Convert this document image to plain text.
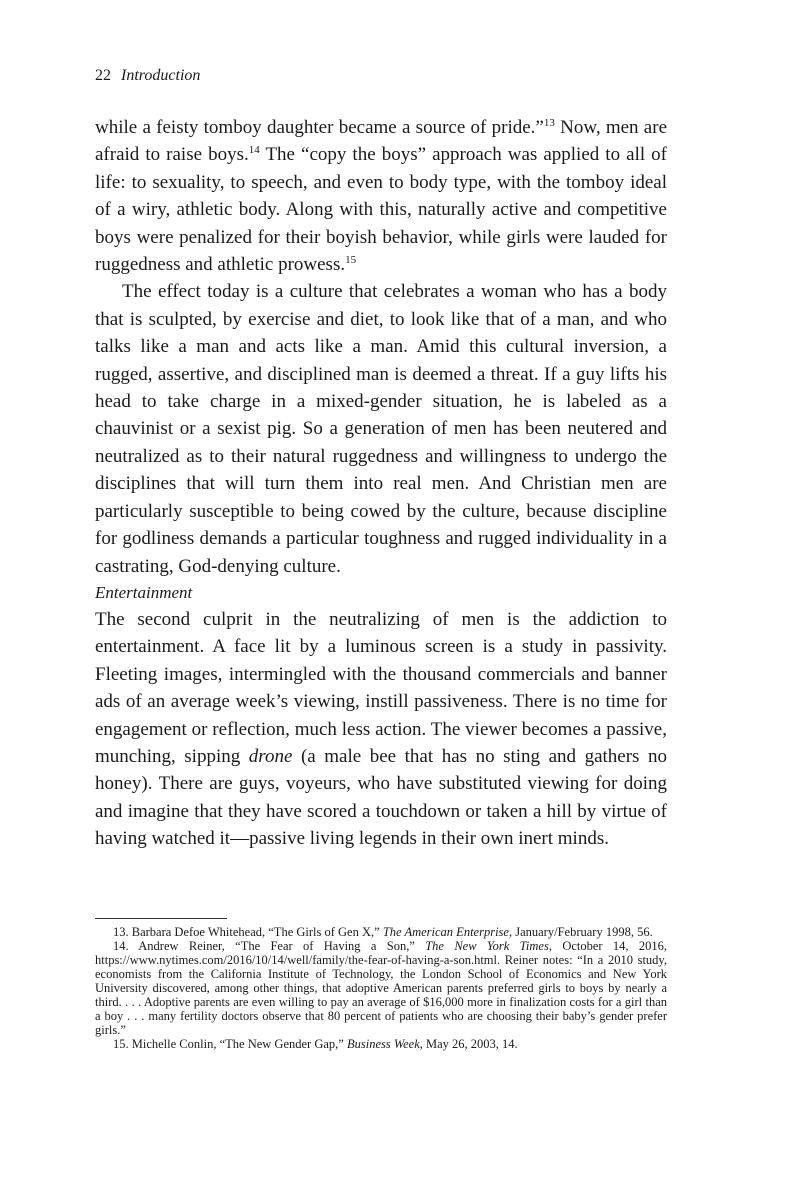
22 Introduction

while a feisty tomboy daughter became a source of pride.”$^{13}$ Now, men are afraid to raise boys.$^{14}$ The “copy the boys” approach was applied to all of life: to sexuality, to speech, and even to body type, with the tomboy ideal of a wiry, athletic body. Along with this, naturally active and competitive boys were penalized for their boyish behavior, while girls were lauded for ruggedness and athletic prowess.$^{15}$

The effect today is a culture that celebrates a woman who has a body that is sculpted, by exercise and diet, to look like that of a man, and who talks like a man and acts like a man. Amid this cultural inversion, a rugged, assertive, and disciplined man is deemed a threat. If a guy lifts his head to take charge in a mixed-gender situation, he is labeled as a chauvinist or a sexist pig. So a generation of men has been neutered and neutralized as to their natural ruggedness and willingness to undergo the disciplines that will turn them into real men. And Christian men are particularly susceptible to being cowed by the culture, because discipline for godliness demands a particular toughness and rugged individuality in a castrating, God-denying culture.

Entertainment

The second culprit in the neutralizing of men is the addiction to entertainment. A face lit by a luminous screen is a study in passivity. Fleeting images, intermingled with the thousand commercials and banner ads of an average week’s viewing, instill passiveness. There is no time for engagement or reflection, much less action. The viewer becomes a passive, munching, sipping drone (a male bee that has no sting and gathers no honey). There are guys, voyeurs, who have substituted viewing for doing and imagine that they have scored a touchdown or taken a hill by virtue of having watched it—passive living legends in their own inert minds.

13. Barbara Defoe Whitehead, “The Girls of Gen X,” The American Enterprise, January/February 1998, 56.

14. Andrew Reiner, “The Fear of Having a Son,” The New York Times, October 14, 2016, https://www.nytimes.com/2016/10/14/well/family/the-fear-of-having-a-son.html. Reiner notes: “In a 2010 study, economists from the California Institute of Technology, the London School of Economics and New York University discovered, among other things, that adoptive American parents preferred girls to boys by nearly a third. . . . Adoptive parents are even willing to pay an average of $16,000 more in finalization costs for a girl than a boy . . . many fertility doctors observe that 80 percent of patients who are choosing their baby’s gender prefer girls.”

15. Michelle Conlin, “The New Gender Gap,” Business Week, May 26, 2003, 14.
